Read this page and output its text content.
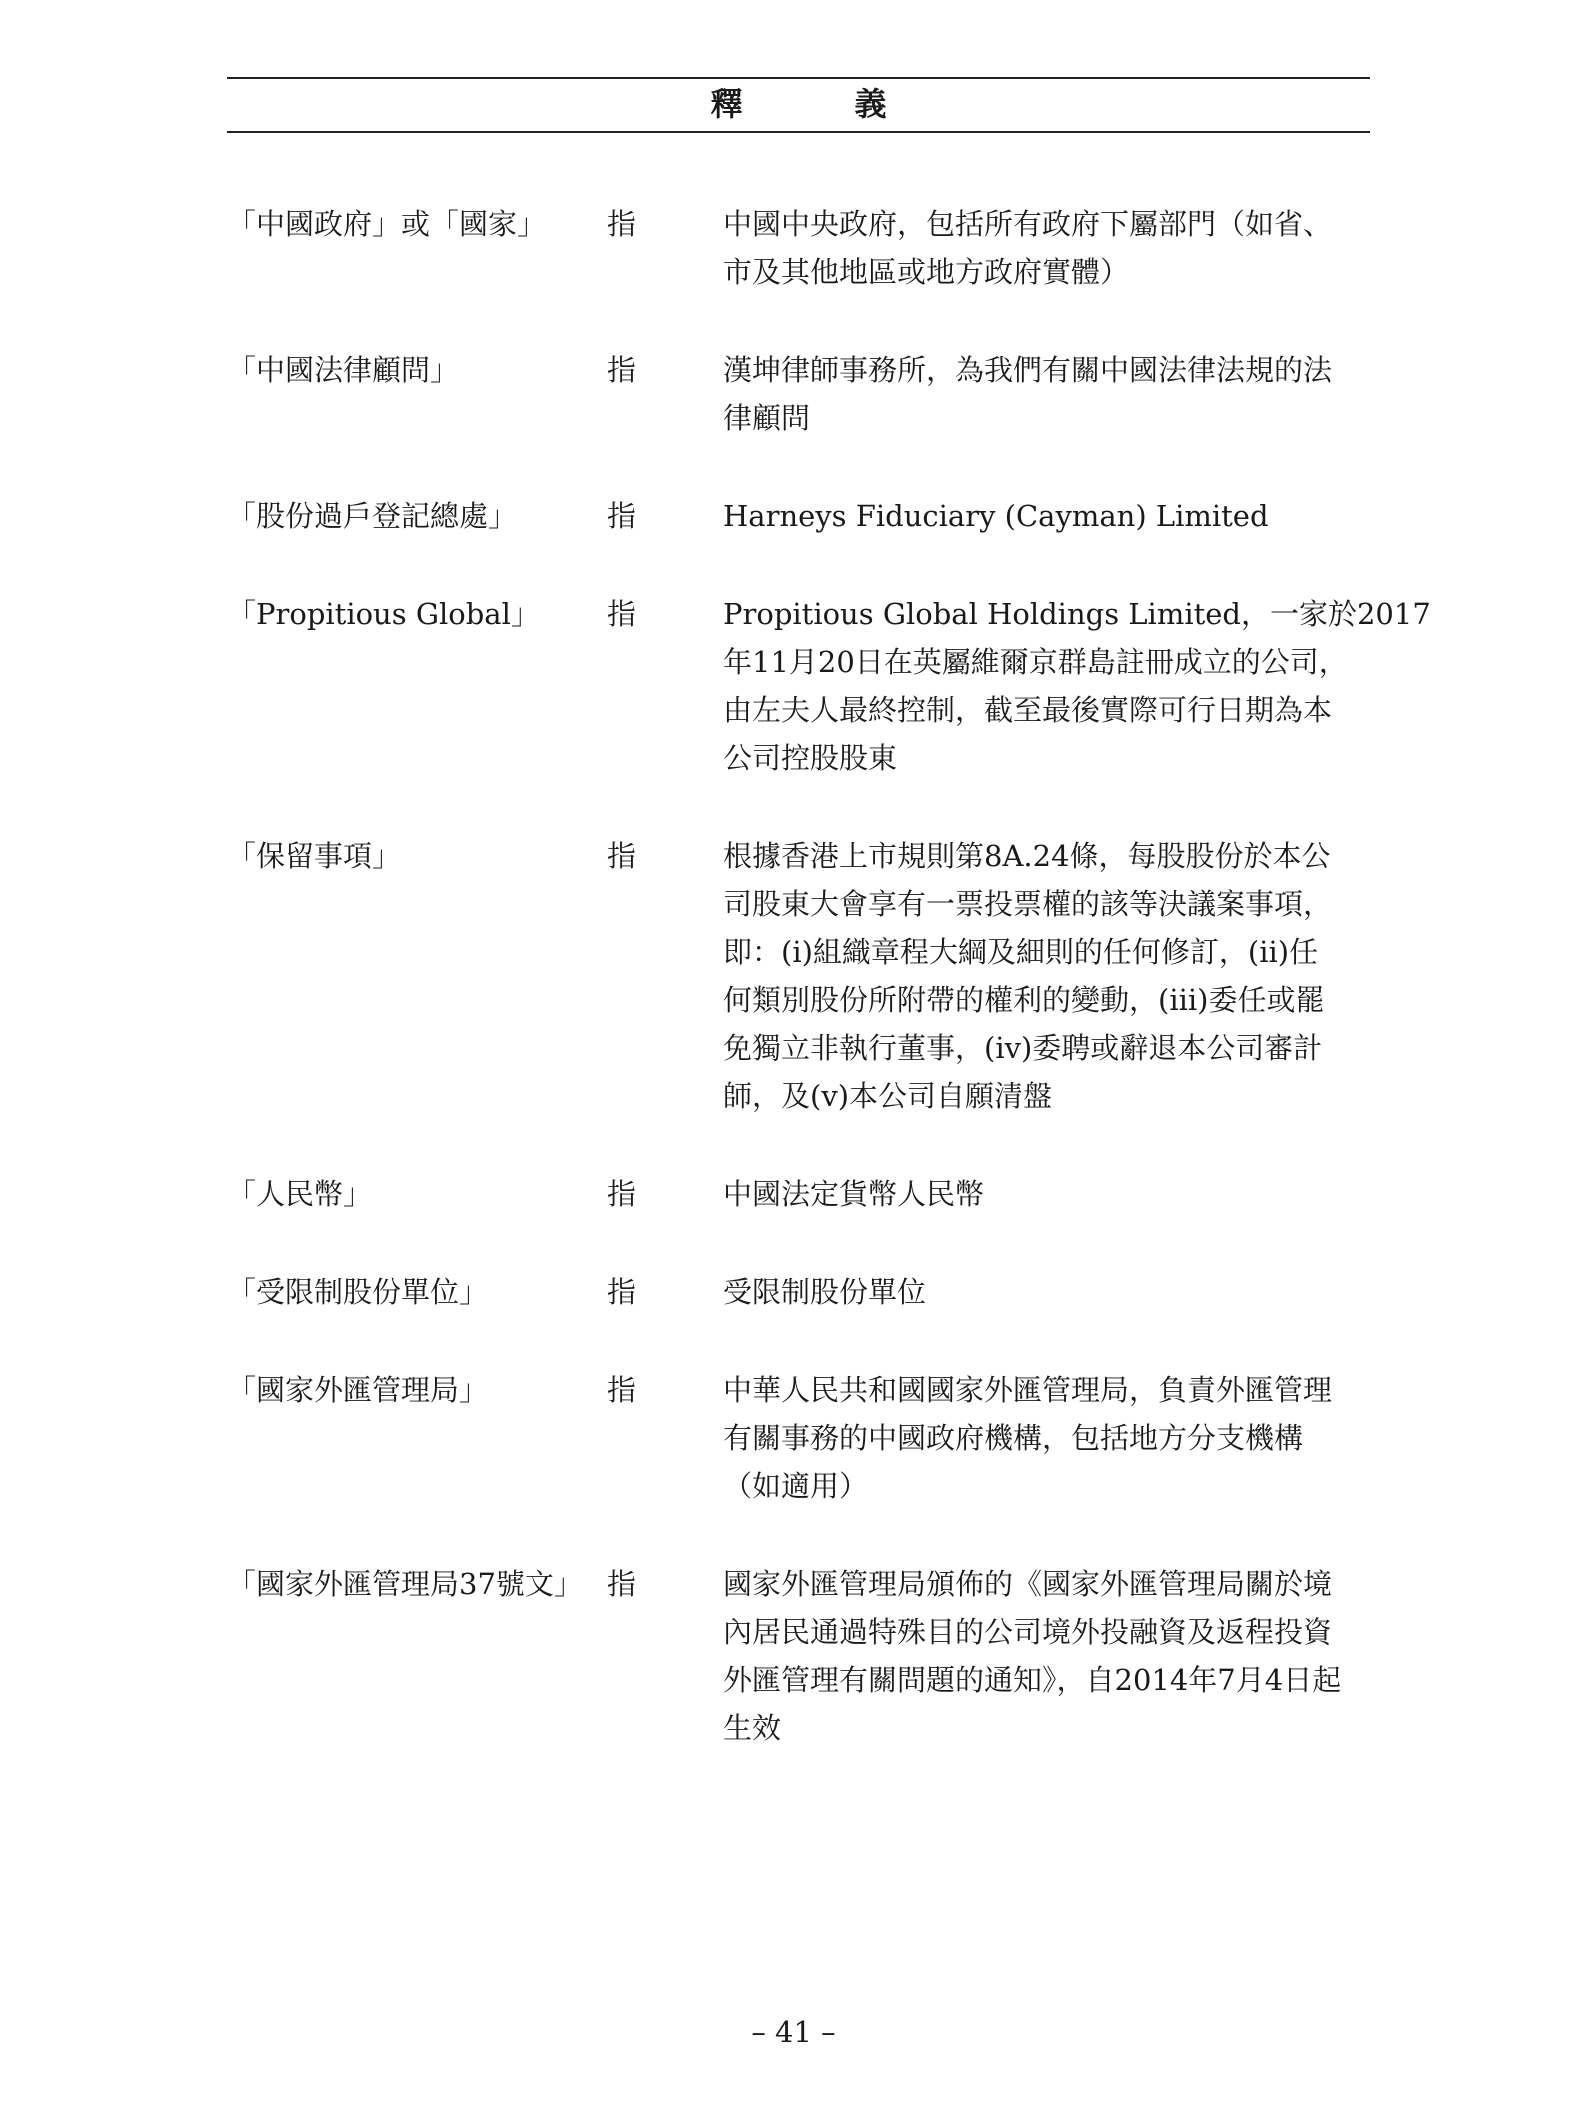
釋　義
「中國政府」或「國家」	指	中國中央政府，包括所有政府下屬部門（如省、
市及其他地區或地方政府實體）
「中國法律顧問」	指	漢坤律師事務所，為我們有關中國法律法規的法
律顧問
「股份過戶登記總處」	指	Harneys Fiduciary (Cayman) Limited
「Propitious Global」	指	Propitious Global Holdings Limited，一家於2017
年11月20日在英屬維爾京群島註冊成立的公司，
由左夫人最終控制，截至最後實際可行日期為本
公司控股股東
「保留事項」	指	根據香港上市規則第8A.24條，每股股份於本公
司股東大會享有一票投票權的該等決議案事項，
即：(i)組織章程大綱及細則的任何修訂，(ii)任
何類別股份所附帶的權利的變動，(iii)委任或罷
免獨立非執行董事，(iv)委聘或辭退本公司審計
師，及(v)本公司自願清盤
「人民幣」	指	中國法定貨幣人民幣
「受限制股份單位」	指	受限制股份單位
「國家外匯管理局」	指	中華人民共和國國家外匯管理局，負責外匯管理
有關事務的中國政府機構，包括地方分支機構
（如適用）
「國家外匯管理局37號文」 指	國家外匯管理局頒佈的《國家外匯管理局關於境
內居民通過特殊目的公司境外投融資及返程投資
外匯管理有關問題的通知》，自2014年7月4日起
生效
– 41 –
